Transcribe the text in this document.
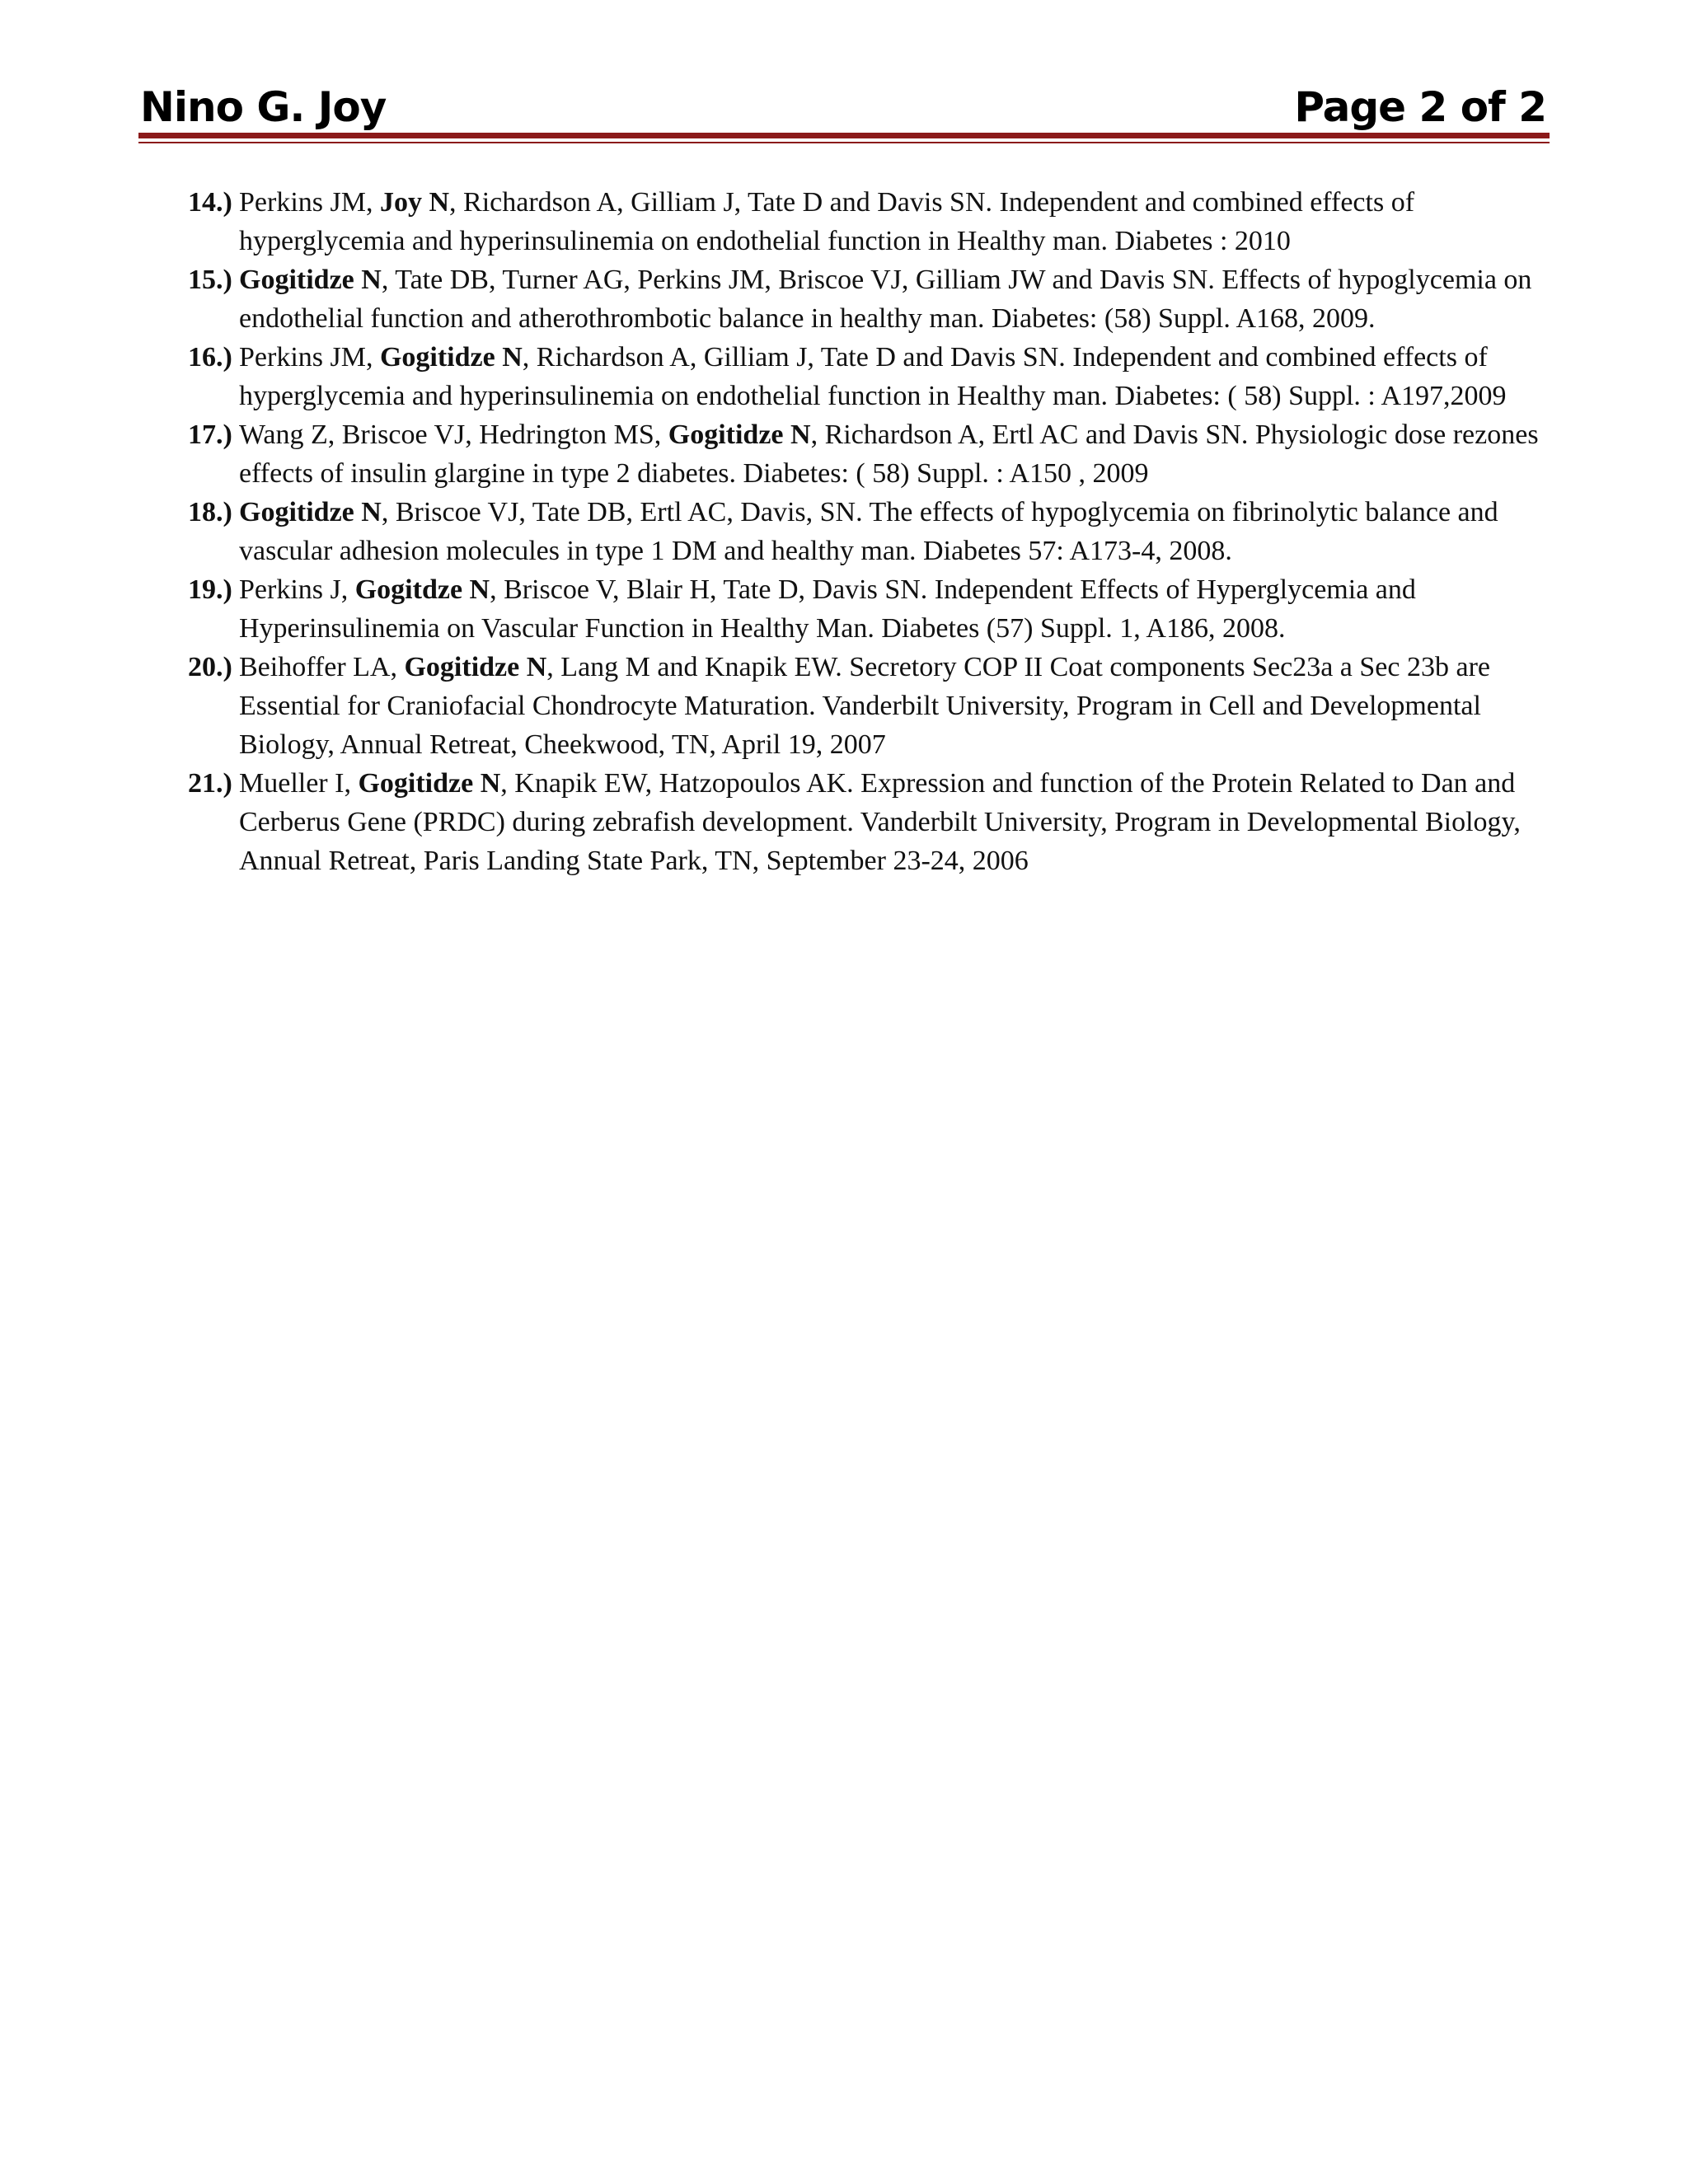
Nino G. Joy	Page 2 of 2
14.) Perkins JM, Joy N, Richardson A, Gilliam J, Tate D and Davis SN. Independent and combined effects of hyperglycemia and hyperinsulinemia on endothelial function in Healthy man. Diabetes : 2010
15.) Gogitidze N, Tate DB, Turner AG, Perkins JM, Briscoe VJ, Gilliam JW and Davis SN. Effects of hypoglycemia on endothelial function and atherothrombotic balance in healthy man. Diabetes: (58) Suppl. A168, 2009.
16.) Perkins JM, Gogitidze N, Richardson A, Gilliam J, Tate D and Davis SN. Independent and combined effects of hyperglycemia and hyperinsulinemia on endothelial function in Healthy man. Diabetes: ( 58) Suppl. : A197,2009
17.) Wang Z, Briscoe VJ, Hedrington MS, Gogitidze N, Richardson A, Ertl AC and Davis SN. Physiologic dose rezones effects of insulin glargine in type 2 diabetes. Diabetes: ( 58) Suppl. : A150 , 2009
18.) Gogitidze N, Briscoe VJ, Tate DB, Ertl AC, Davis, SN. The effects of hypoglycemia on fibrinolytic balance and vascular adhesion molecules in type 1 DM and healthy man. Diabetes 57: A173-4, 2008.
19.) Perkins J, Gogitdze N, Briscoe V, Blair H, Tate D, Davis SN. Independent Effects of Hyperglycemia and Hyperinsulinemia on Vascular Function in Healthy Man. Diabetes (57) Suppl. 1, A186, 2008.
20.) Beihoffer LA, Gogitidze N, Lang M and Knapik EW. Secretory COP II Coat components Sec23a a Sec 23b are Essential for Craniofacial Chondrocyte Maturation. Vanderbilt University, Program in Cell and Developmental Biology, Annual Retreat, Cheekwood, TN, April 19, 2007
21.) Mueller I, Gogitidze N, Knapik EW, Hatzopoulos AK. Expression and function of the Protein Related to Dan and Cerberus Gene (PRDC) during zebrafish development. Vanderbilt University, Program in Developmental Biology, Annual Retreat, Paris Landing State Park, TN, September 23-24, 2006
